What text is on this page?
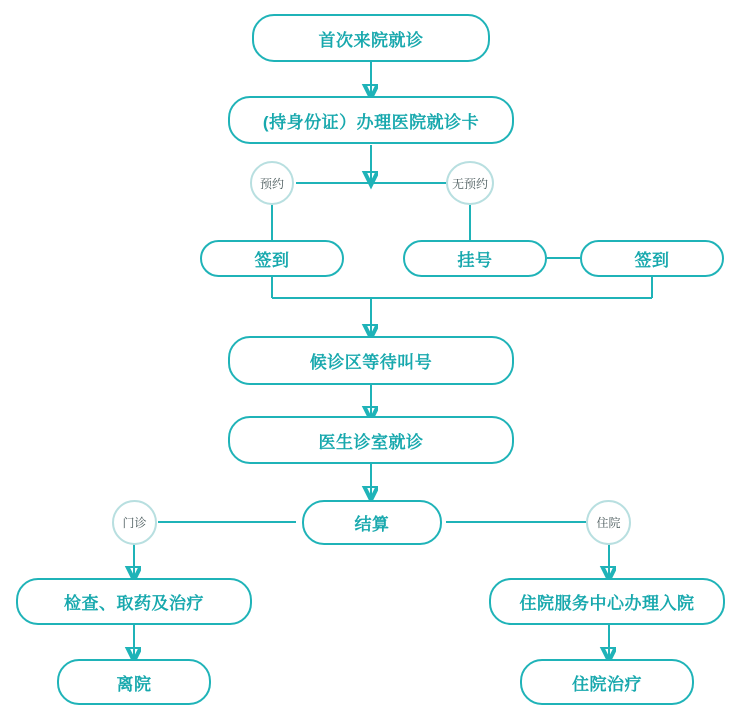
首次来院就诊
(持身份证）办理医院就诊卡
预约	无预约
签到	挂号	签到
候诊区等待叫号
医生诊室就诊
结算
门诊	住院
检查、取药及治疗
离院
住院服务中心办理入院
住院治疗
